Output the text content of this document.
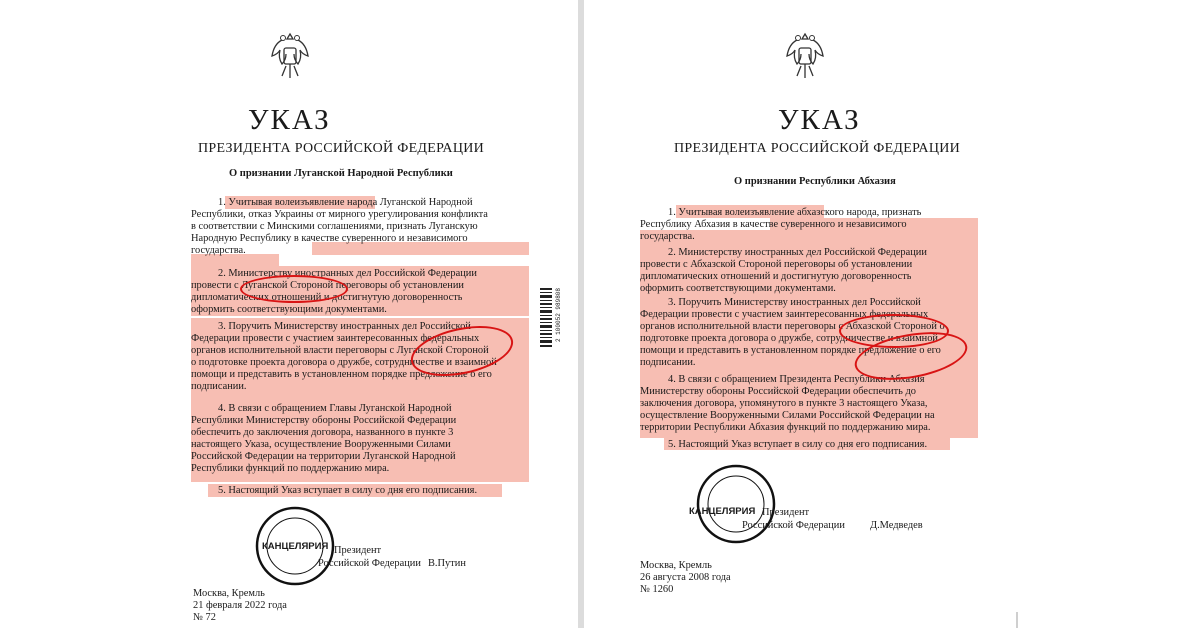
УКАЗ
ПРЕЗИДЕНТА РОССИЙСКОЙ ФЕДЕРАЦИИ
О признании Луганской Народной Республики
1. Учитывая волеизъявление народа Луганской Народной
Республики, отказ Украины от мирного урегулирования конфликта
в соответствии с Минскими соглашениями, признать Луганскую
Народную Республику в качестве суверенного и независимого
государства.
2. Министерству иностранных дел Российской Федерации
провести с Луганской Стороной переговоры об установлении
дипломатических отношений и достигнутую договоренность
оформить соответствующими документами.
3. Поручить Министерству иностранных дел Российской
Федерации провести с участием заинтересованных федеральных
органов исполнительной власти переговоры с Луганской Стороной
о подготовке проекта договора о дружбе, сотрудничестве и взаимной
помощи и представить в установленном порядке предложение о его
подписании.
4. В связи с обращением Главы Луганской Народной
Республики Министерству обороны Российской Федерации
обеспечить до заключения договора, названного в пункте 3
настоящего Указа, осуществление Вооруженными Силами
Российской Федерации на территории Луганской Народной
Республики функций по поддержанию мира.
5. Настоящий Указ вступает в силу со дня его подписания.
2 100052 989808
КАНЦЕЛЯРИЯ Президент
Российской Федерации В.Путин
Москва, Кремль
21 февраля 2022 года
№ 72
УКАЗ
ПРЕЗИДЕНТА РОССИЙСКОЙ ФЕДЕРАЦИИ
О признании Республики Абхазия
1. Учитывая волеизъявление абхазского народа, признать
Республику Абхазия в качестве суверенного и независимого
государства.
2. Министерству иностранных дел Российской Федерации
провести с Абхазской Стороной переговоры об установлении
дипломатических отношений и достигнутую договоренность
оформить соответствующими документами.
3. Поручить Министерству иностранных дел Российской
Федерации провести с участием заинтересованных федеральных
органов исполнительной власти переговоры с Абхазской Стороной о
подготовке проекта договора о дружбе, сотрудничестве и взаимной
помощи и представить в установленном порядке предложение о его
подписании.
4. В связи с обращением Президента Республики Абхазия
Министерству обороны Российской Федерации обеспечить до
заключения договора, упомянутого в пункте 3 настоящего Указа,
осуществление Вооруженными Силами Российской Федерации на
территории Республики Абхазия функций по поддержанию мира.
5. Настоящий Указ вступает в силу со дня его подписания.
КАНЦЕЛЯРИЯ Президент
Российской Федерации Д.Медведев
Москва, Кремль
26 августа 2008 года
№ 1260
